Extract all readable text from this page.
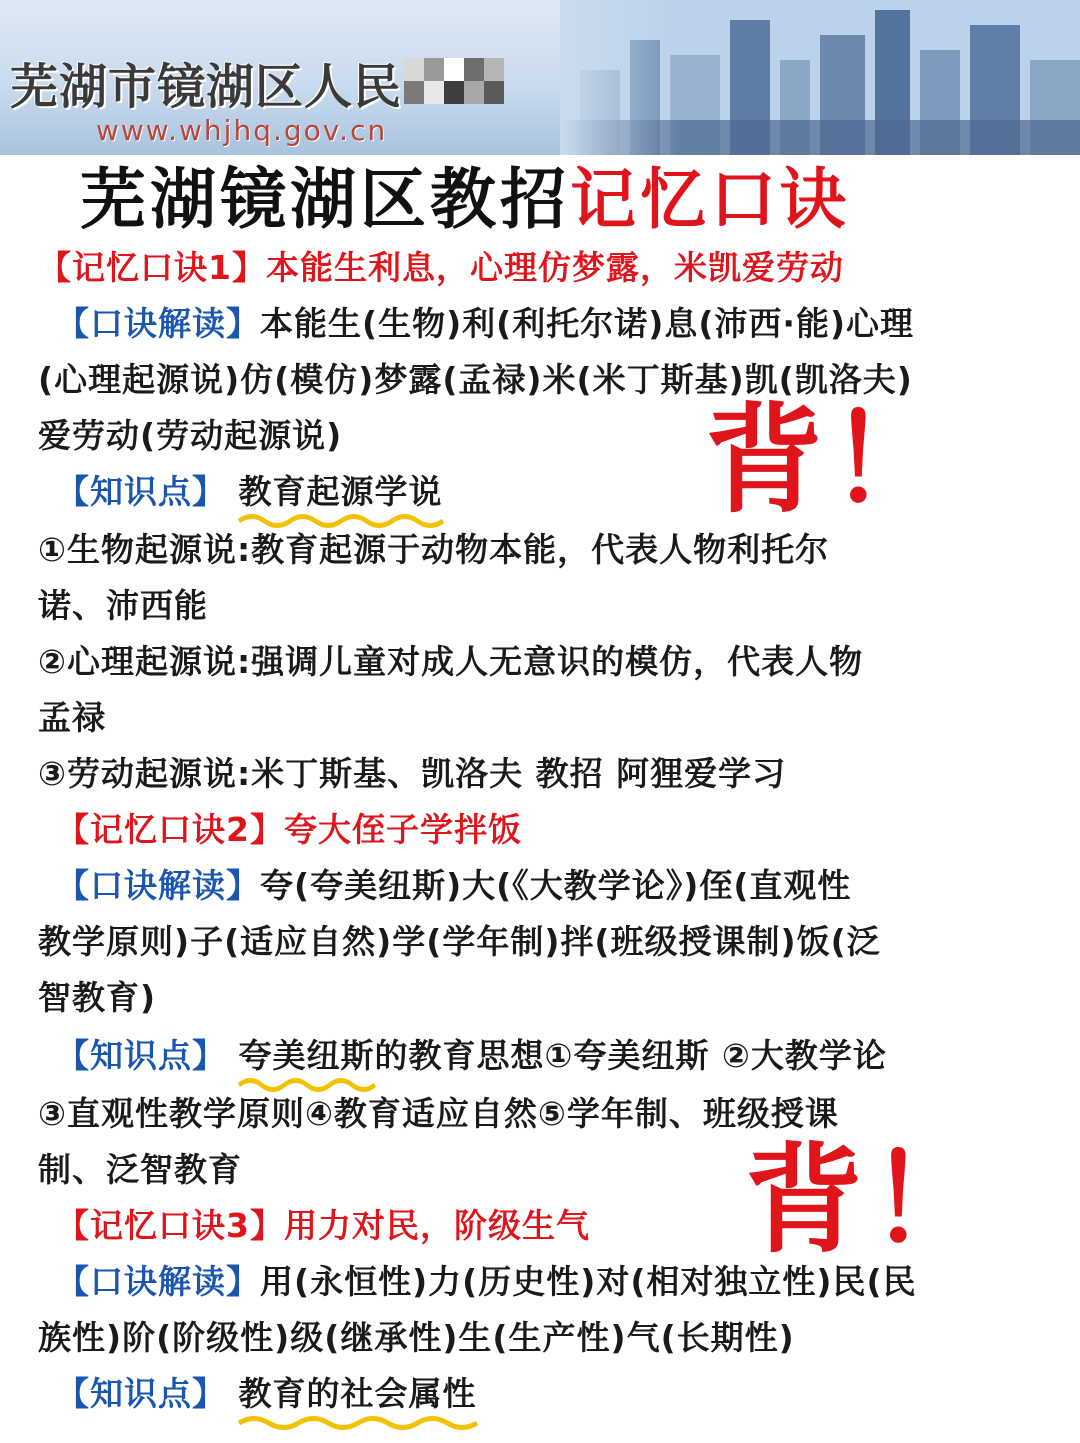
芜湖市镜湖区人民
www.whjhq.gov.cn
芜湖镜湖区教招记忆口诀
【记忆口诀1】本能生利息，心理仿梦露，米凯爱劳动
【口诀解读】本能生(生物)利(利托尔诺)息(沛西·能)心理
(心理起源说)仿(模仿)梦露(孟禄)米(米丁斯基)凯(凯洛夫)
爱劳动(劳动起源说)
【知识点】 教育起源学说
①生物起源说:教育起源于动物本能，代表人物利托尔
诺、沛西能
②心理起源说:强调儿童对成人无意识的模仿，代表人物
孟禄
③劳动起源说:米丁斯基、凯洛夫 教招 阿狸爱学习
背！
【记忆口诀2】夸大侄子学拌饭
【口诀解读】夸(夸美纽斯)大(《大教学论》)侄(直观性
教学原则)子(适应自然)学(学年制)拌(班级授课制)饭(泛
智教育)
【知识点】 夸美纽斯
的教育思想①夸美纽斯 ②大教学论
③直观性教学原则④教育适应自然⑤学年制、班级授课
制、泛智教育	背！
【记忆口诀3】用力对民，阶级生气
【口诀解读】用(永恒性)力(历史性)对(相对独立性)民(民
族性)阶(阶级性)级(继承性)生(生产性)气(长期性)
【知识点】 教育的社会属性
